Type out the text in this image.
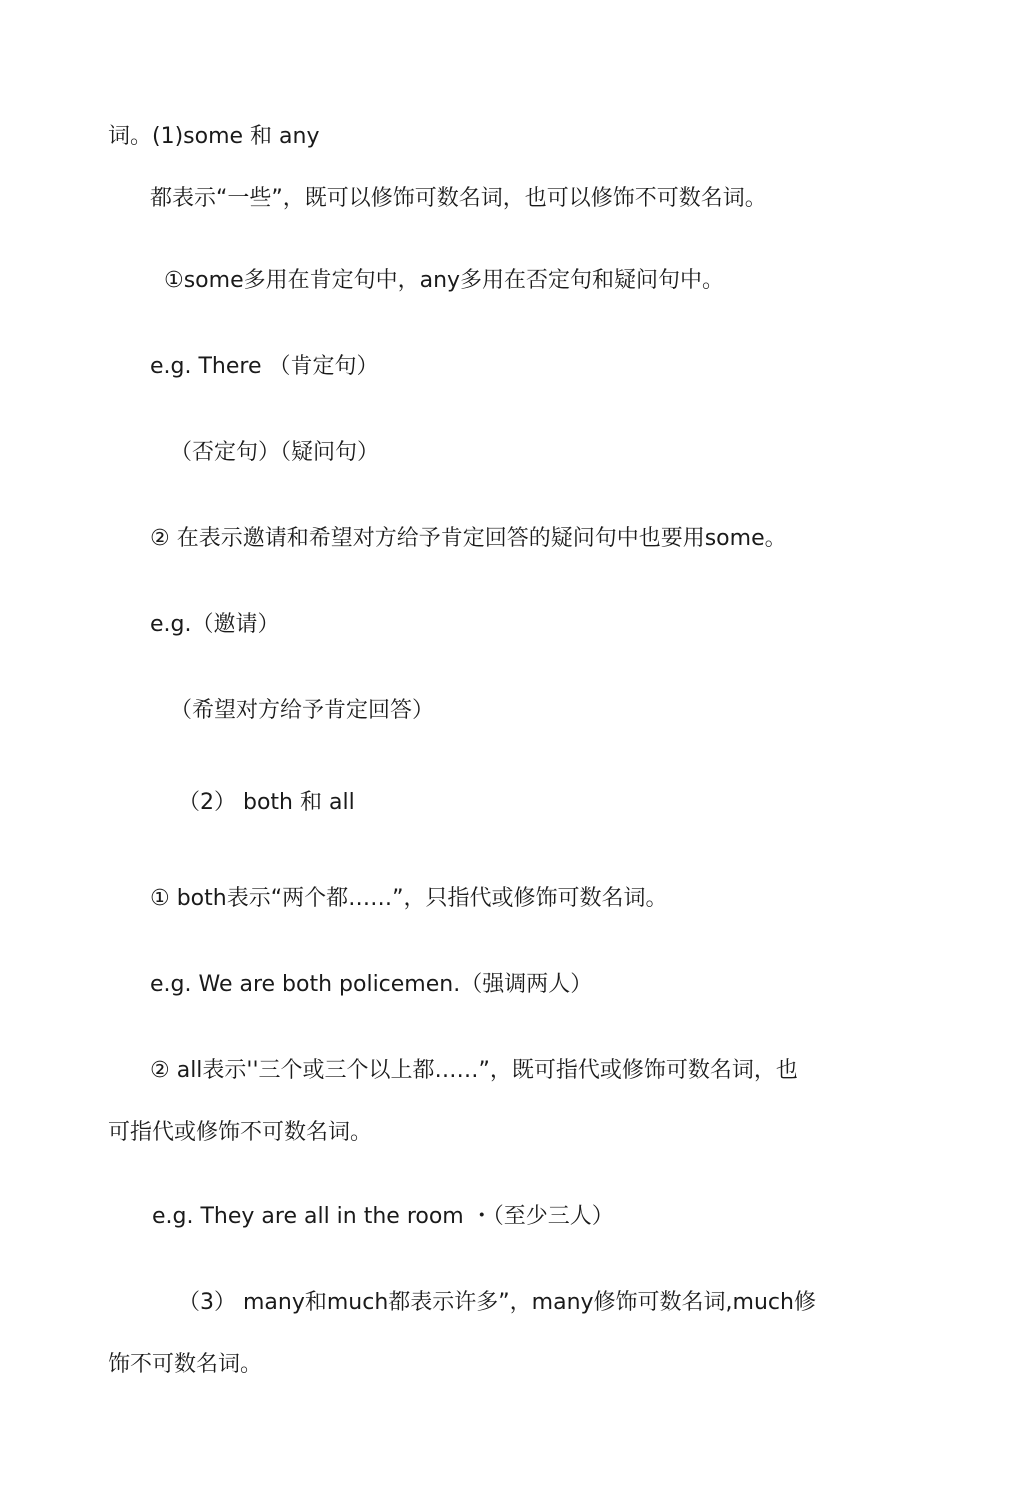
词。(1)some 和 any
都表示“一些”，既可以修饰可数名词，也可以修饰不可数名词。
①some多用在肯定句中，any多用在否定句和疑问句中。
e.g. There （肯定句）
（否定句）（疑问句）
② 在表示邀请和希望对方给予肯定回答的疑问句中也要用some。
e.g.（邀请）
（希望对方给予肯定回答）
（2） both 和 all
① both表示“两个都……”，只指代或修饰可数名词。
e.g. We are both policemen.（强调两人）
② all表示''三个或三个以上都……”，既可指代或修饰可数名词，也
可指代或修饰不可数名词。
e.g. They are all in the room ・（至少三人）
（3） many和much都表示许多”，many修饰可数名词,much修
饰不可数名词。
